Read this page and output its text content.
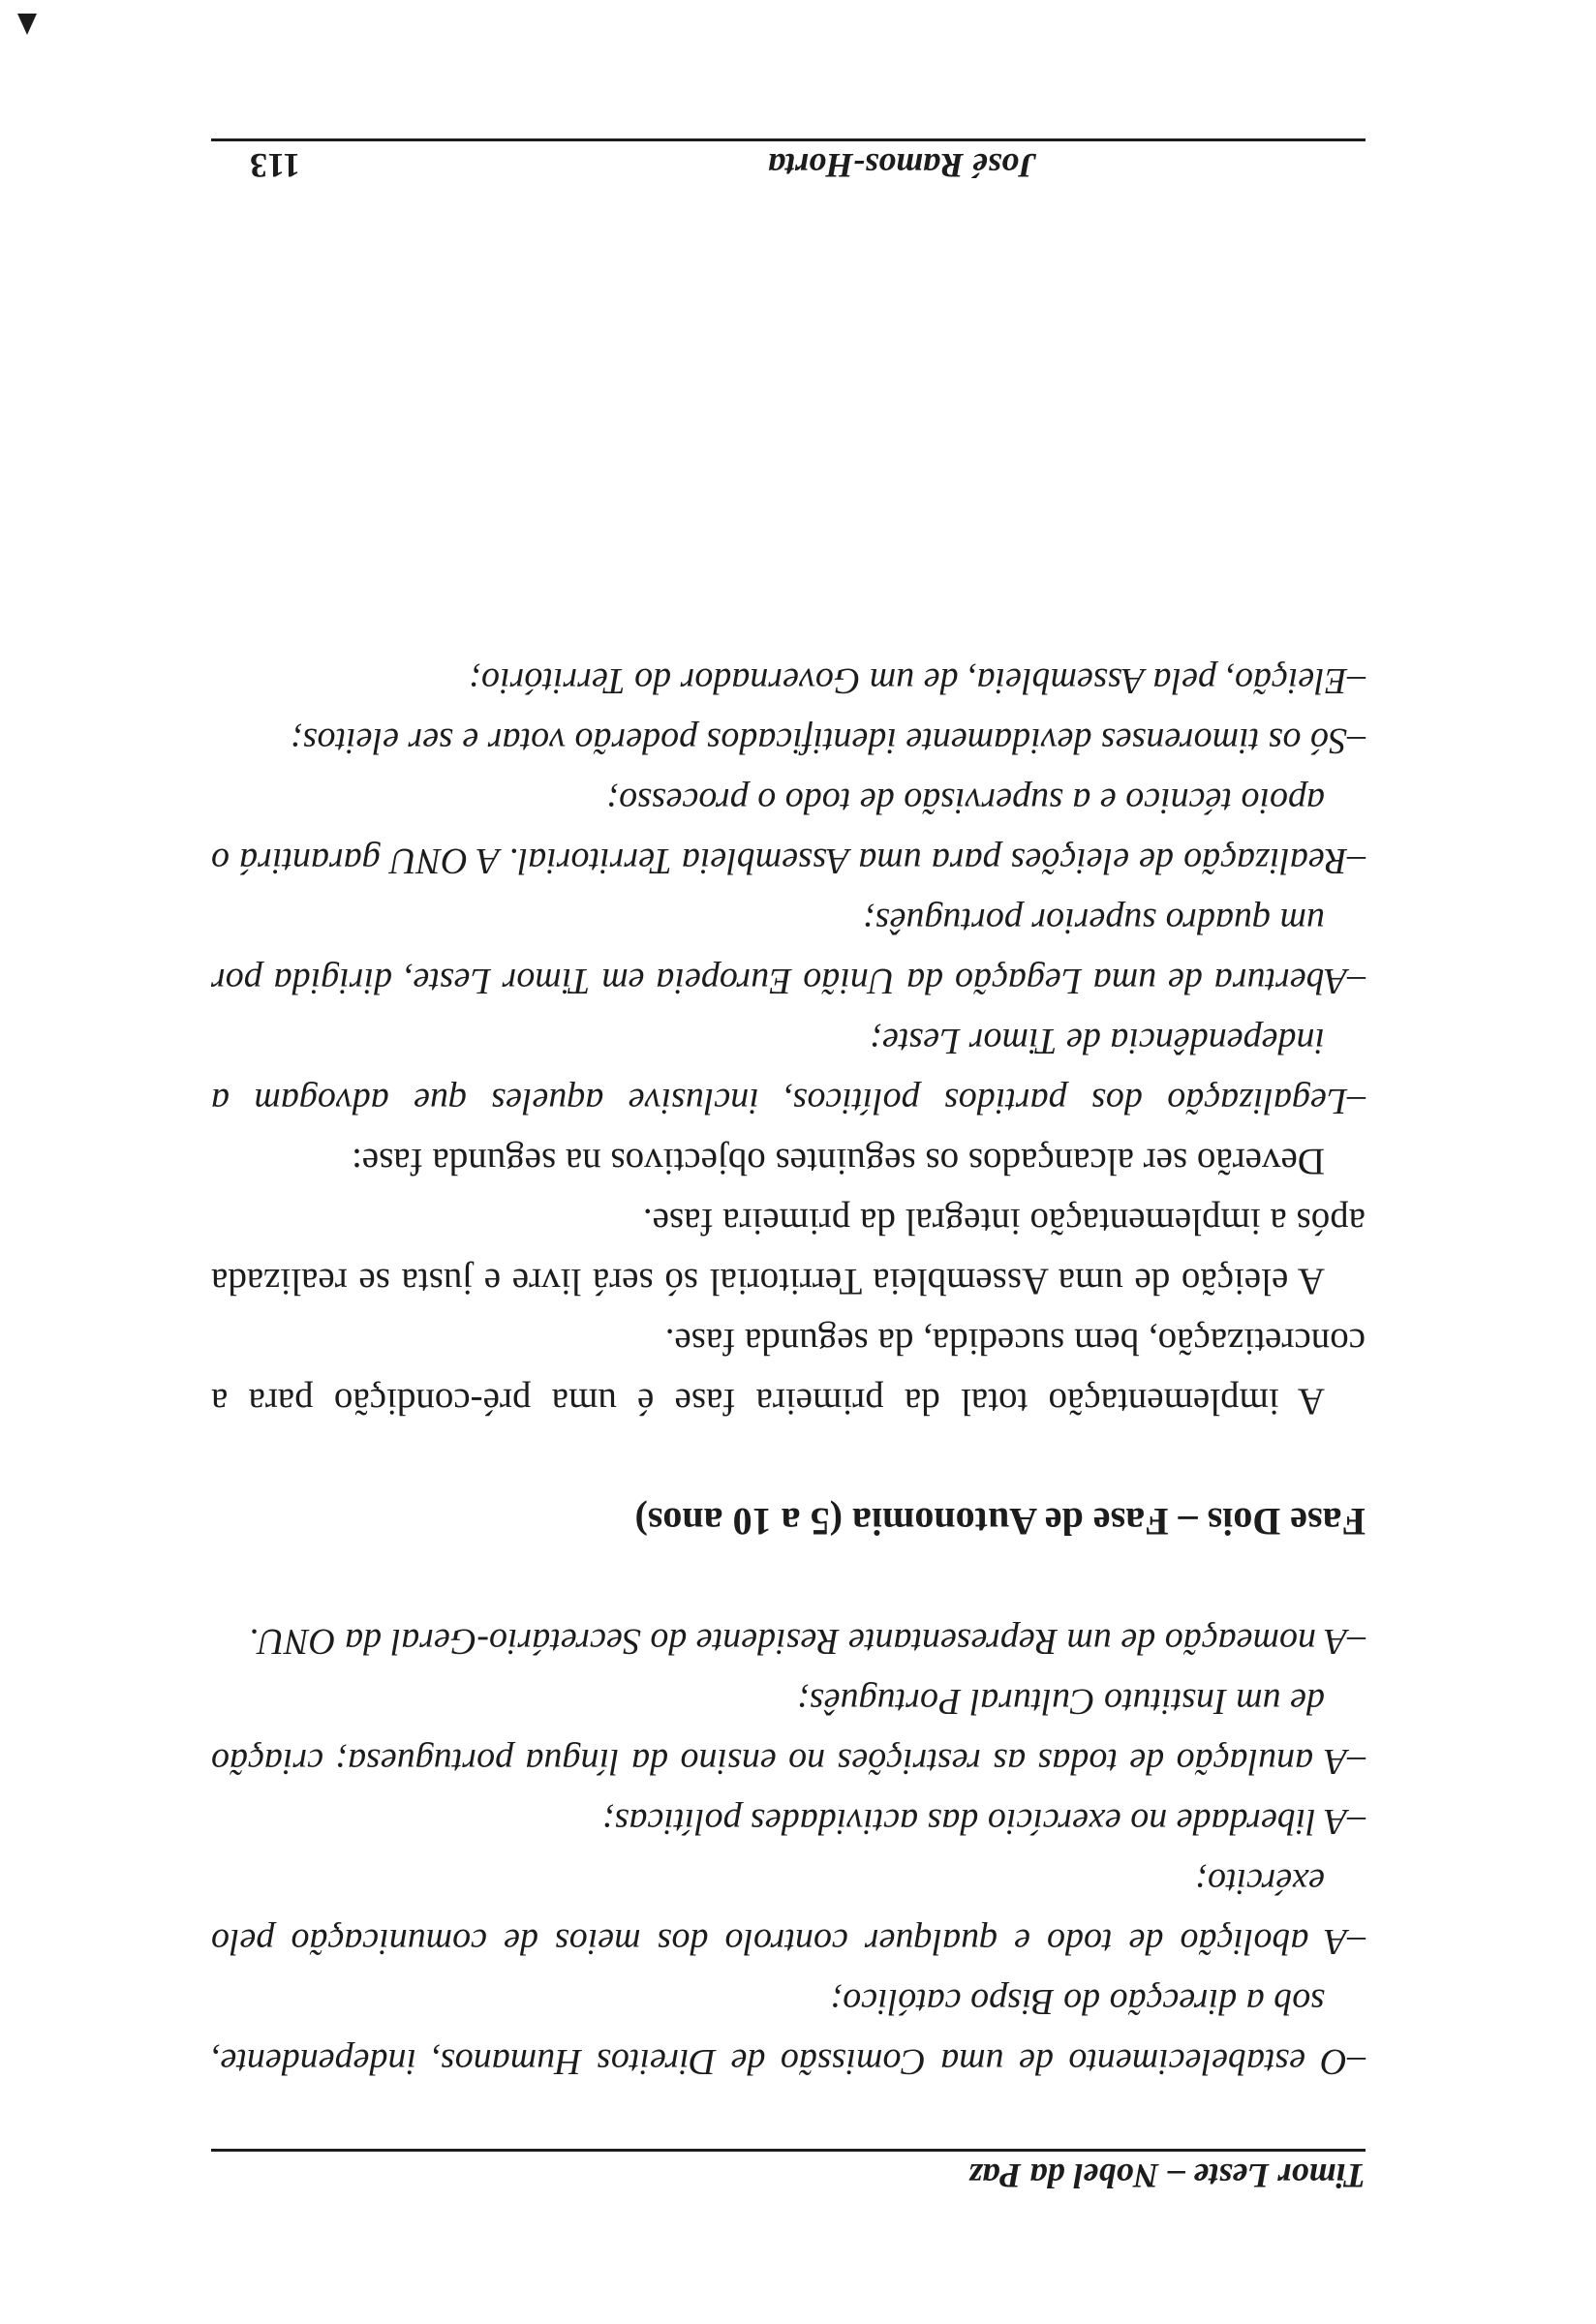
Timor Leste – Nobel da Paz

–O estabelecimento de uma Comissão de Direitos Humanos, independente, sob a direcção do Bispo católico;

–A abolição de todo e qualquer controlo dos meios de comunicação pelo exército;

–A liberdade no exercício das actividades políticas;

–A anulação de todas as restrições no ensino da língua portuguesa; criação de um Instituto Cultural Português;

–A nomeação de um Representante Residente do Secretário-Geral da ONU.

Fase Dois – Fase de Autonomia (5 a 10 anos)

A implementação total da primeira fase é uma pré-condição para a concretização, bem sucedida, da segunda fase.

A eleição de uma Assembleia Territorial só será livre e justa se realizada após a implementação integral da primeira fase.

Deverão ser alcançados os seguintes objectivos na segunda fase:

–Legalização dos partidos políticos, inclusive aqueles que advogam a independência de Timor Leste;

–Abertura de uma Legação da União Europeia em Timor Leste, dirigida por um quadro superior português;

–Realização de eleições para uma Assembleia Territorial. A ONU garantirá o apoio técnico e a supervisão de todo o processo;

–Só os timorenses devidamente identificados poderão votar e ser eleitos;

–Eleição, pela Assembleia, de um Governador do Território;

José Ramos-Horta
113
